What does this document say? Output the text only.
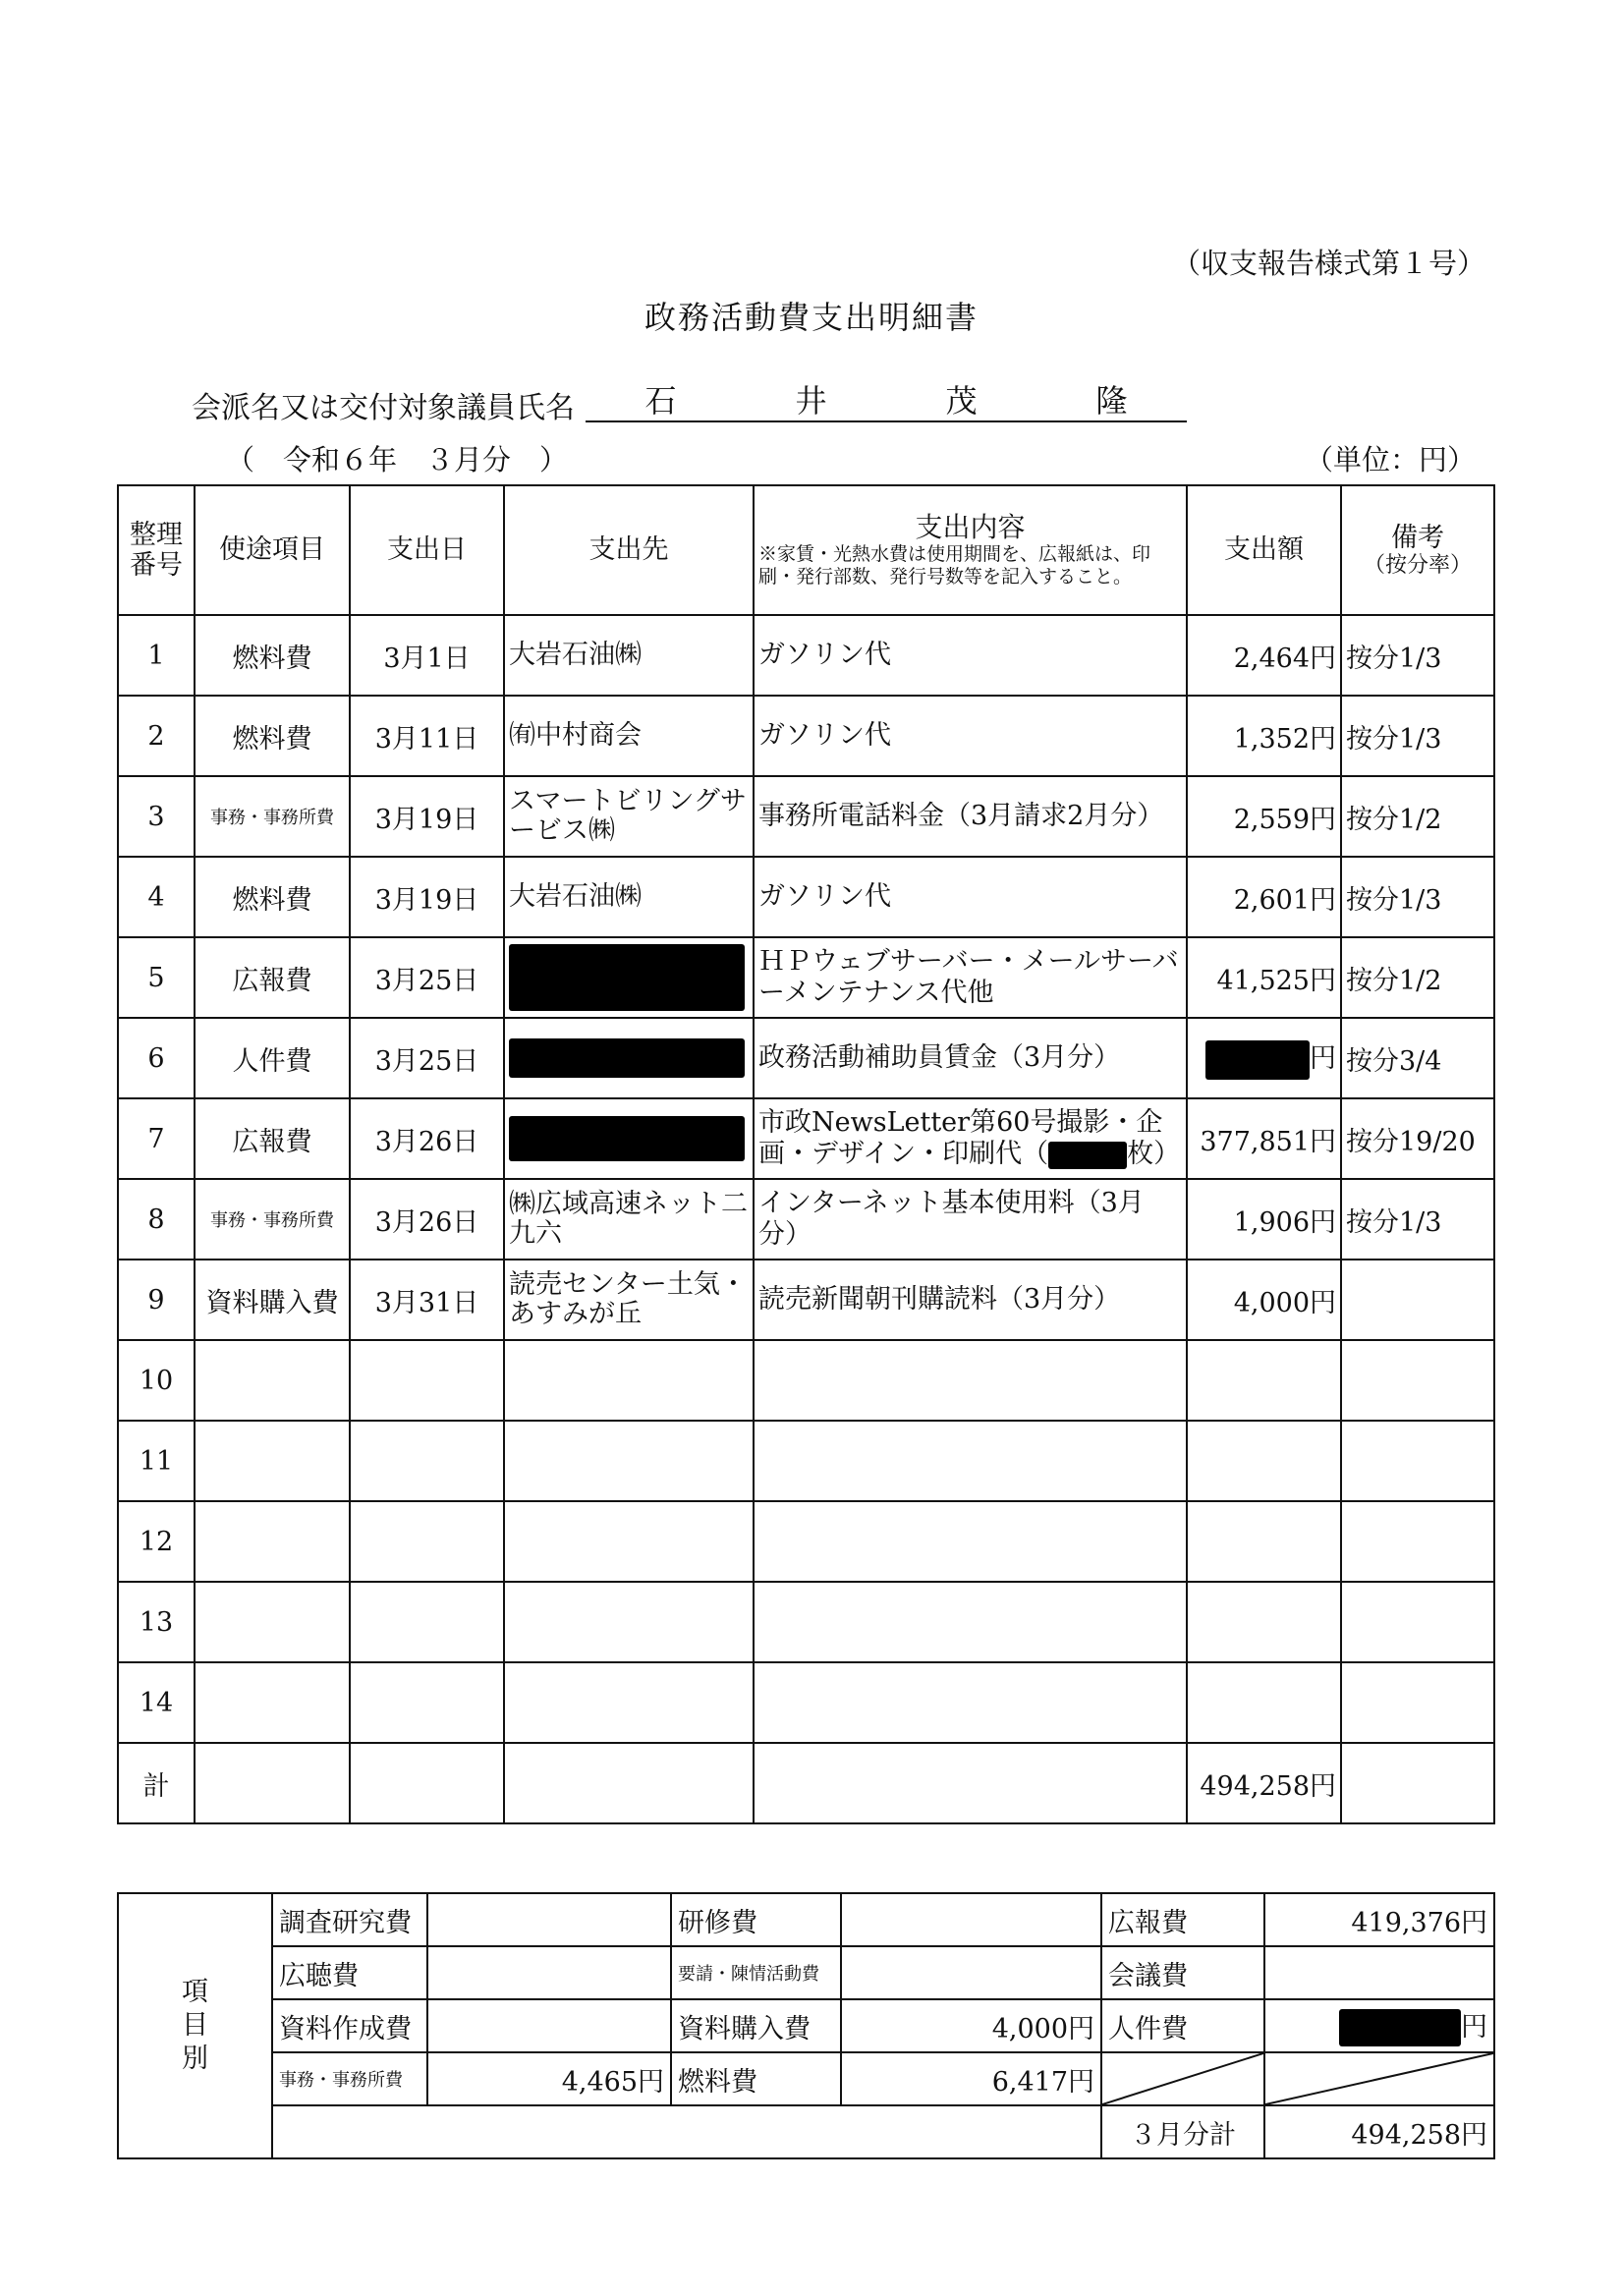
（収支報告様式第１号）
政務活動費支出明細書
会派名又は交付対象議員氏名 石	井	茂	隆
（　令和６年　３月分　）	（単位：円）
整理番号	使途項目	支出日	支出先	支出内容
※家賃・光熱水費は使用期間を、広報紙は、印刷・発行部数、発行号数等を記入すること。	支出額	備考
（按分率）

1	燃料費	3月1日	大岩石油㈱	ガソリン代	2,464円	按分1/3
2	燃料費	3月11日	㈲中村商会	ガソリン代	1,352円	按分1/3
3	事務・事務所費	3月19日	スマートビリングサービス㈱	事務所電話料金（3月請求2月分）	2,559円	按分1/2
4	燃料費	3月19日	大岩石油㈱	ガソリン代	2,601円	按分1/3
5	広報費	3月25日		ＨＰウェブサーバー・メールサーバーメンテナンス代他	41,525円	按分1/2
6	人件費	3月25日		政務活動補助員賃金（3月分）	円	按分3/4
7	広報費	3月26日		市政NewsLetter第60号撮影・企画・デザイン・印刷代（ 枚）	377,851円	按分19/20
8	事務・事務所費	3月26日	㈱広域高速ネット二九六	インターネット基本使用料（3月分）	1,906円	按分1/3
9	資料購入費	3月31日	読売センター土気・あすみが丘	読売新聞朝刊購読料（3月分）	4,000円	
10						
11						
12						
13						
14						
計					494,258円	
項
目
別	調査研究費		研修費		広報費	419,376円
	広聴費		要請・陳情活動費		会議費	
	資料作成費		資料購入費	4,000円	人件費	円
	事務・事務所費	4,465円	燃料費	6,417円	

					３月分計	494,258円
